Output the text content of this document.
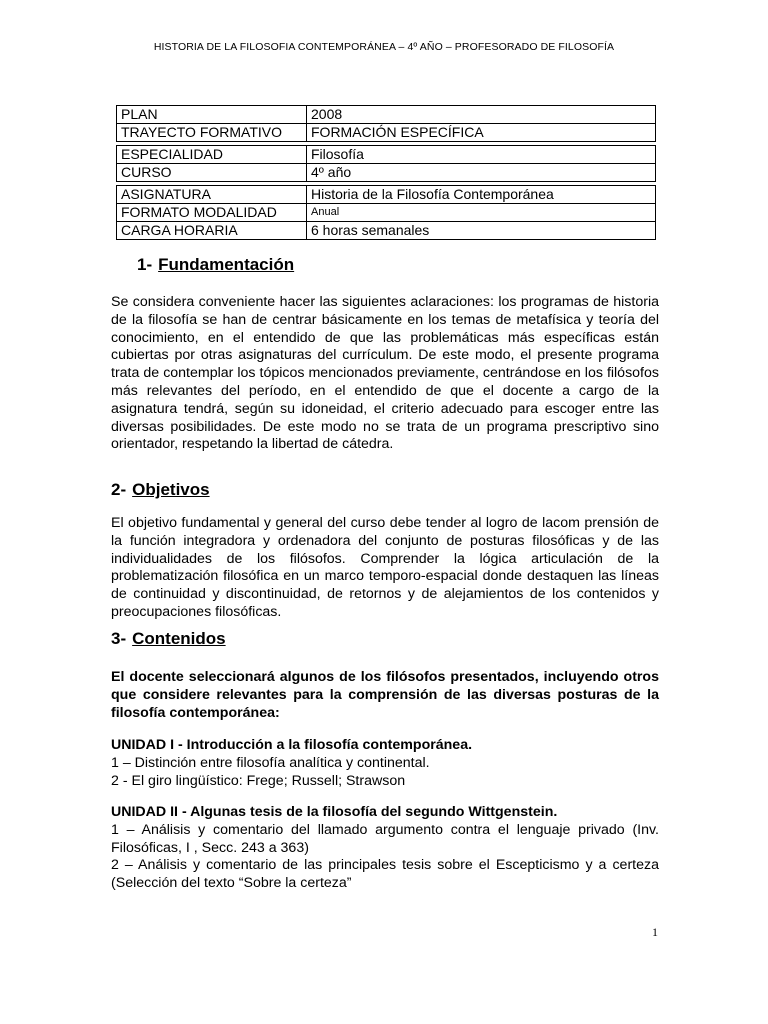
HISTORIA DE LA FILOSOFIA CONTEMPORÁNEA – 4º AÑO – PROFESORADO DE FILOSOFÍA
PLAN	2008
TRAYECTO FORMATIVO	FORMACIÓN ESPECÍFICA
ESPECIALIDAD	Filosofía
CURSO	4º año
ASIGNATURA	Historia de la Filosofía Contemporánea
FORMATO MODALIDAD	Anual
CARGA HORARIA	6 horas semanales
1- Fundamentación
Se considera conveniente hacer las siguientes aclaraciones: los programas de historia de la filosofía se han de centrar básicamente en los temas de metafísica y teoría del conocimiento, en el entendido de que las problemáticas más específicas están cubiertas por otras asignaturas del currículum. De este modo, el presente programa trata de contemplar los tópicos mencionados previamente, centrándose en los filósofos más relevantes del período, en el entendido de que el docente a cargo de la asignatura tendrá, según su idoneidad, el criterio adecuado para escoger entre las diversas posibilidades. De este modo no se trata de un programa prescriptivo sino orientador, respetando la libertad de cátedra.
2- Objetivos
El objetivo fundamental y general del curso debe tender al logro de lacom prensión de la función integradora y ordenadora del conjunto de posturas filosóficas y de las individualidades de los filósofos. Comprender la lógica articulación de la problematización filosófica en un marco temporo-espacial donde destaquen las líneas de continuidad y discontinuidad, de retornos y de alejamientos de los contenidos y preocupaciones filosóficas.
3- Contenidos
El docente seleccionará algunos de los filósofos presentados, incluyendo otros que considere relevantes para la comprensión de las diversas posturas de la filosofía contemporánea:
UNIDAD I - Introducción a la filosofía contemporánea.
1 – Distinción entre filosofía analítica y continental.
2 - El giro lingüístico: Frege; Russell; Strawson
UNIDAD II - Algunas tesis de la filosofía del segundo Wittgenstein.
1 – Análisis y comentario del llamado argumento contra el lenguaje privado (Inv. Filosóficas, I , Secc. 243 a 363)
2 – Análisis y comentario de las principales tesis sobre el Escepticismo y a certeza (Selección del texto “Sobre la certeza”
1
